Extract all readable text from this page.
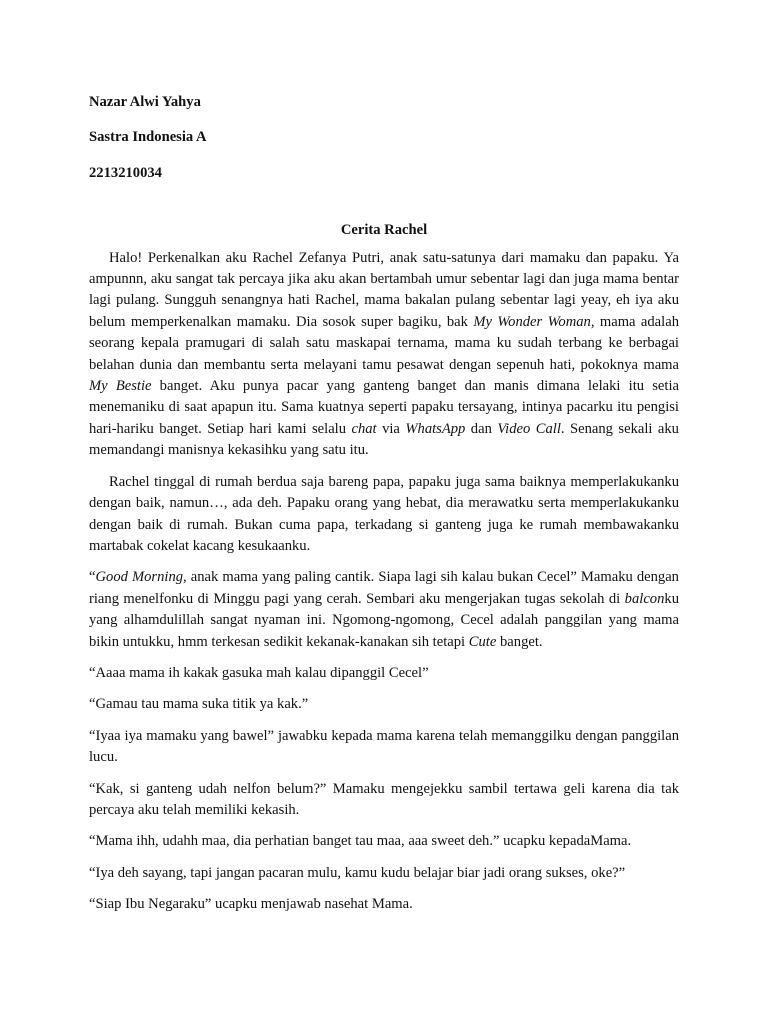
Nazar Alwi Yahya
Sastra Indonesia A
2213210034
Cerita Rachel

Halo! Perkenalkan aku Rachel Zefanya Putri, anak satu-satunya dari mamaku dan papaku. Ya ampunnn, aku sangat tak percaya jika aku akan bertambah umur sebentar lagi dan juga mama bentar lagi pulang. Sungguh senangnya hati Rachel, mama bakalan pulang sebentar lagi yeay, eh iya aku belum memperkenalkan mamaku. Dia sosok super bagiku, bak My Wonder Woman, mama adalah seorang kepala pramugari di salah satu maskapai ternama, mama ku sudah terbang ke berbagai belahan dunia dan membantu serta melayani tamu pesawat dengan sepenuh hati, pokoknya mama My Bestie banget. Aku punya pacar yang ganteng banget dan manis dimana lelaki itu setia menemaniku di saat apapun itu. Sama kuatnya seperti papaku tersayang, intinya pacarku itu pengisi hari-hariku banget. Setiap hari kami selalu chat via WhatsApp dan Video Call. Senang sekali aku memandangi manisnya kekasihku yang satu itu.

Rachel tinggal di rumah berdua saja bareng papa, papaku juga sama baiknya memperlakukanku dengan baik, namun…, ada deh. Papaku orang yang hebat, dia merawatku serta memperlakukanku dengan baik di rumah. Bukan cuma papa, terkadang si ganteng juga ke rumah membawakanku martabak cokelat kacang kesukaanku.

“Good Morning, anak mama yang paling cantik. Siapa lagi sih kalau bukan Cecel” Mamaku dengan riang menelfonku di Minggu pagi yang cerah. Sembari aku mengerjakan tugas sekolah di balconku yang alhamdulillah sangat nyaman ini. Ngomong-ngomong, Cecel adalah panggilan yang mama bikin untukku, hmm terkesan sedikit kekanak-kanakan sih tetapi Cute banget.

“Aaaa mama ih kakak gasuka mah kalau dipanggil Cecel”

“Gamau tau mama suka titik ya kak.”

“Iyaa iya mamaku yang bawel” jawabku kepada mama karena telah memanggilku dengan panggilan lucu.

“Kak, si ganteng udah nelfon belum?” Mamaku mengejekku sambil tertawa geli karena dia tak percaya aku telah memiliki kekasih.

“Mama ihh, udahh maa, dia perhatian banget tau maa, aaa sweet deh.” ucapku kepadaMama.

“Iya deh sayang, tapi jangan pacaran mulu, kamu kudu belajar biar jadi orang sukses, oke?”

“Siap Ibu Negaraku” ucapku menjawab nasehat Mama.
